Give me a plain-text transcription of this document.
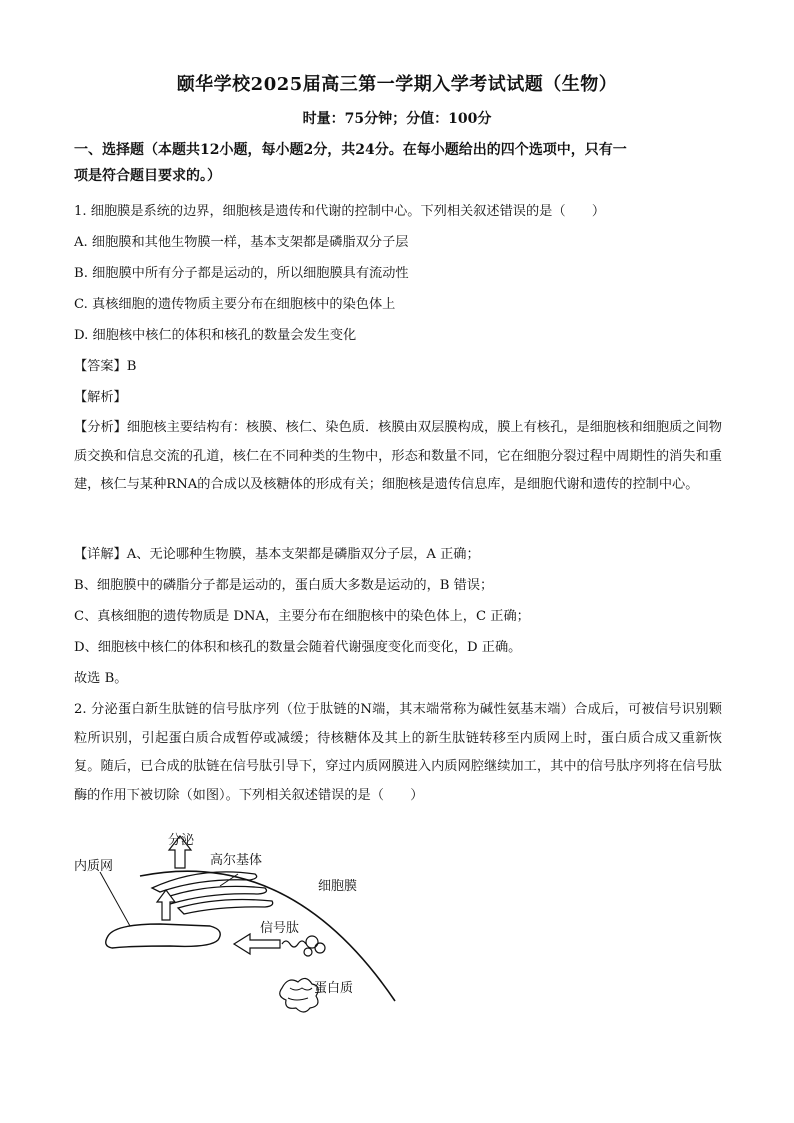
颐华学校2025届高三第一学期入学考试试题（生物）
时量：75分钟；分值：100分
一、选择题（本题共12小题，每小题2分，共24分。在每小题给出的四个选项中，只有一
项是符合题目要求的。）
1. 细胞膜是系统的边界，细胞核是遗传和代谢的控制中心。下列相关叙述错误的是（　　）
A. 细胞膜和其他生物膜一样，基本支架都是磷脂双分子层
B. 细胞膜中所有分子都是运动的，所以细胞膜具有流动性
C. 真核细胞的遗传物质主要分布在细胞核中的染色体上
D. 细胞核中核仁的体积和核孔的数量会发生变化
【答案】B
【解析】

【分析】细胞核主要结构有：核膜、核仁、染色质．核膜由双层膜构成，膜上有核孔，是细胞核和细胞质之间物质交换和信息交流的孔道，核仁在不同种类的生物中，形态和数量不同，它在细胞分裂过程中周期性的消失和重建，核仁与某种RNA的合成以及核糖体的形成有关；细胞核是遗传信息库，是细胞代谢和遗传的控制中心。

【详解】A、无论哪种生物膜，基本支架都是磷脂双分子层，A 正确；
B、细胞膜中的磷脂分子都是运动的，蛋白质大多数是运动的，B 错误；
C、真核细胞的遗传物质是 DNA，主要分布在细胞核中的染色体上，C 正确；
D、细胞核中核仁的体积和核孔的数量会随着代谢强度变化而变化，D 正确。
故选 B。

2. 分泌蛋白新生肽链的信号肽序列（位于肽链的N端，其末端常称为碱性氨基末端）合成后，可被信号识别颗粒所识别，引起蛋白质合成暂停或减缓；待核糖体及其上的新生肽链转移至内质网上时，蛋白质合成又重新恢复。随后，已合成的肽链在信号肽引导下，穿过内质网膜进入内质网腔继续加工，其中的信号肽序列将在信号肽酶的作用下被切除（如图）。下列相关叙述错误的是（　　）

分泌
高尔基体
内质网
细胞膜
信号肽
蛋白质
